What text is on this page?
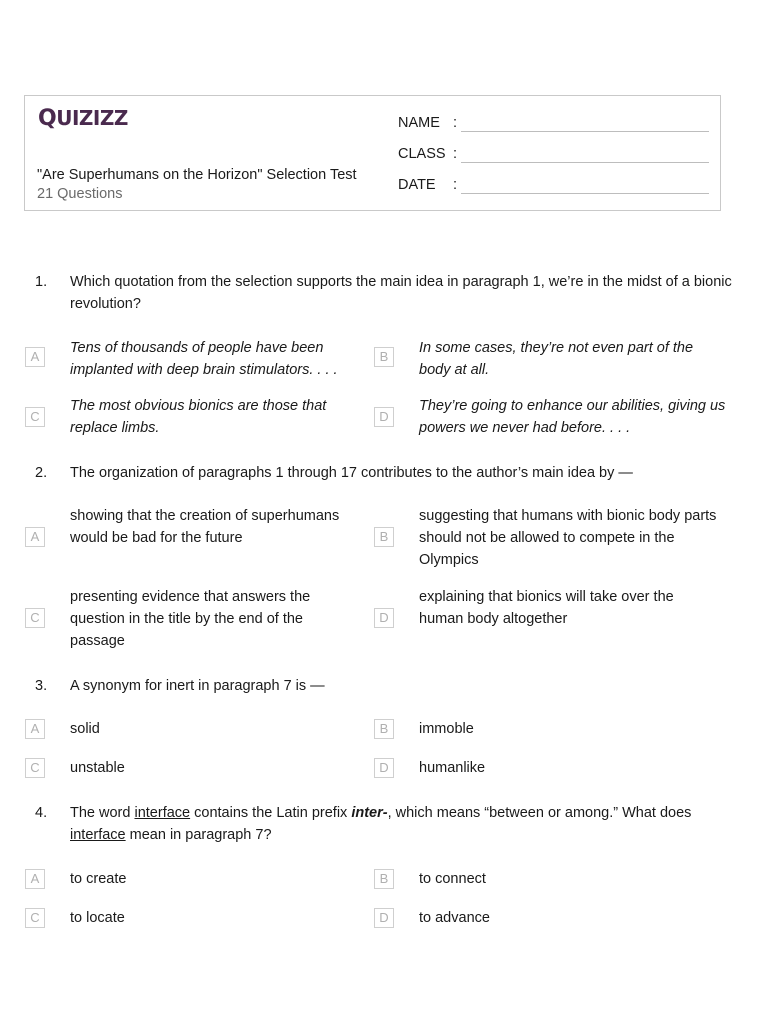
QUIZIZZ
"Are Superhumans on the Horizon" Selection Test
21 Questions
NAME :
CLASS :
DATE :
1.	Which quotation from the selection supports the main idea in paragraph 1, we’re in the midst of a bionic revolution?
A
Tens of thousands of people have been implanted with deep brain stimulators. . . .
B
In some cases, they’re not even part of the body at all.
C
The most obvious bionics are those that replace limbs.
D
They’re going to enhance our abilities, giving us powers we never had before. . . .
2.	The organization of paragraphs 1 through 17 contributes to the author’s main idea by —
A
showing that the creation of superhumans would be bad for the future	B
suggesting that humans with bionic body parts should not be allowed to compete in the Olympics
C
presenting evidence that answers the question in the title by the end of the passage
D
explaining that bionics will take over the human body altogether
3.	A synonym for inert in paragraph 7 is —
A	solid	B	immoble
C	unstable	D	humanlike
4.	The word interface contains the Latin prefix inter-, which means “between or among.” What does interface mean in paragraph 7?
A	to create	B	to connect
C	to locate	D	to advance
